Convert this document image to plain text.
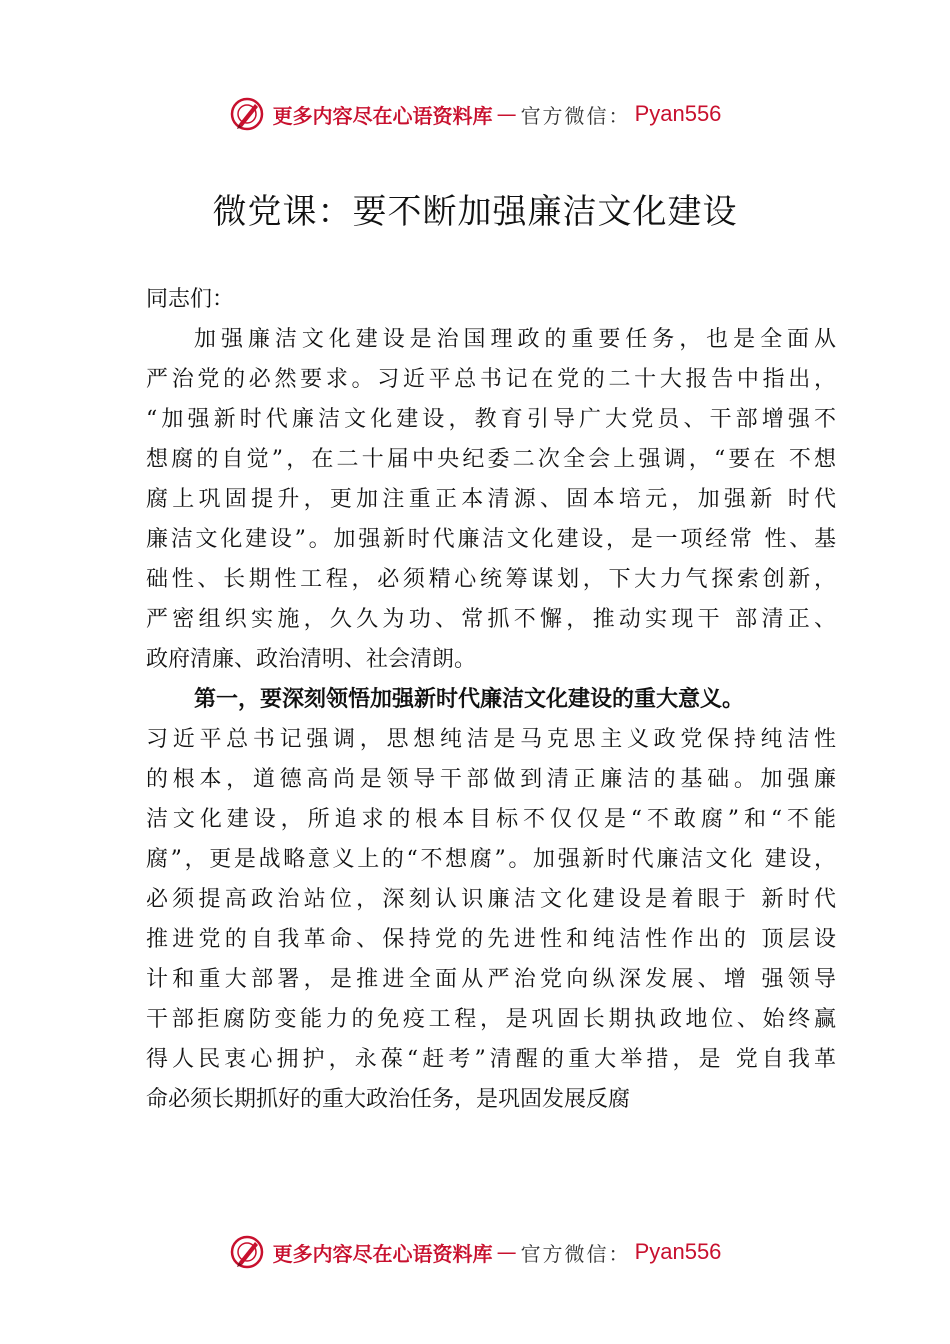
更多内容尽在心语资料库 — 官方微信： Pyan556
微党课：要不断加强廉洁文化建设
同志们：
加强廉洁文化建设是治国理政的重要任务，也是全面从
严治党的必然要求。习近平总书记在党的二十大报告中指出，
“加强新时代廉洁文化建设，教育引导广大党员、干部增强不
想腐的自觉”，在二十届中央纪委二次全会上强调，“要在 不想
腐上巩固提升，更加注重正本清源、固本培元，加强新 时代
廉洁文化建设”。加强新时代廉洁文化建设，是一项经常 性、基
础性、长期性工程，必须精心统筹谋划，下大力气探索创新，
严密组织实施，久久为功、常抓不懈，推动实现干 部清正、
政府清廉、政治清明、社会清朗。
第一，要深刻领悟加强新时代廉洁文化建设的重大意义。
习近平总书记强调，思想纯洁是马克思主义政党保持纯洁性
的根本，道德高尚是领导干部做到清正廉洁的基础。加强廉
洁文化建设，所追求的根本目标不仅仅是“不敢腐”和“不能
腐”，更是战略意义上的“不想腐”。加强新时代廉洁文化 建设，
必须提高政治站位，深刻认识廉洁文化建设是着眼于 新时代
推进党的自我革命、保持党的先进性和纯洁性作出的 顶层设
计和重大部署，是推进全面从严治党向纵深发展、增 强领导
干部拒腐防变能力的免疫工程，是巩固长期执政地位、始终赢
得人民衷心拥护，永葆“赶考”清醒的重大举措，是 党自我革
命必须长期抓好的重大政治任务，是巩固发展反腐
更多内容尽在心语资料库 — 官方微信： Pyan556
